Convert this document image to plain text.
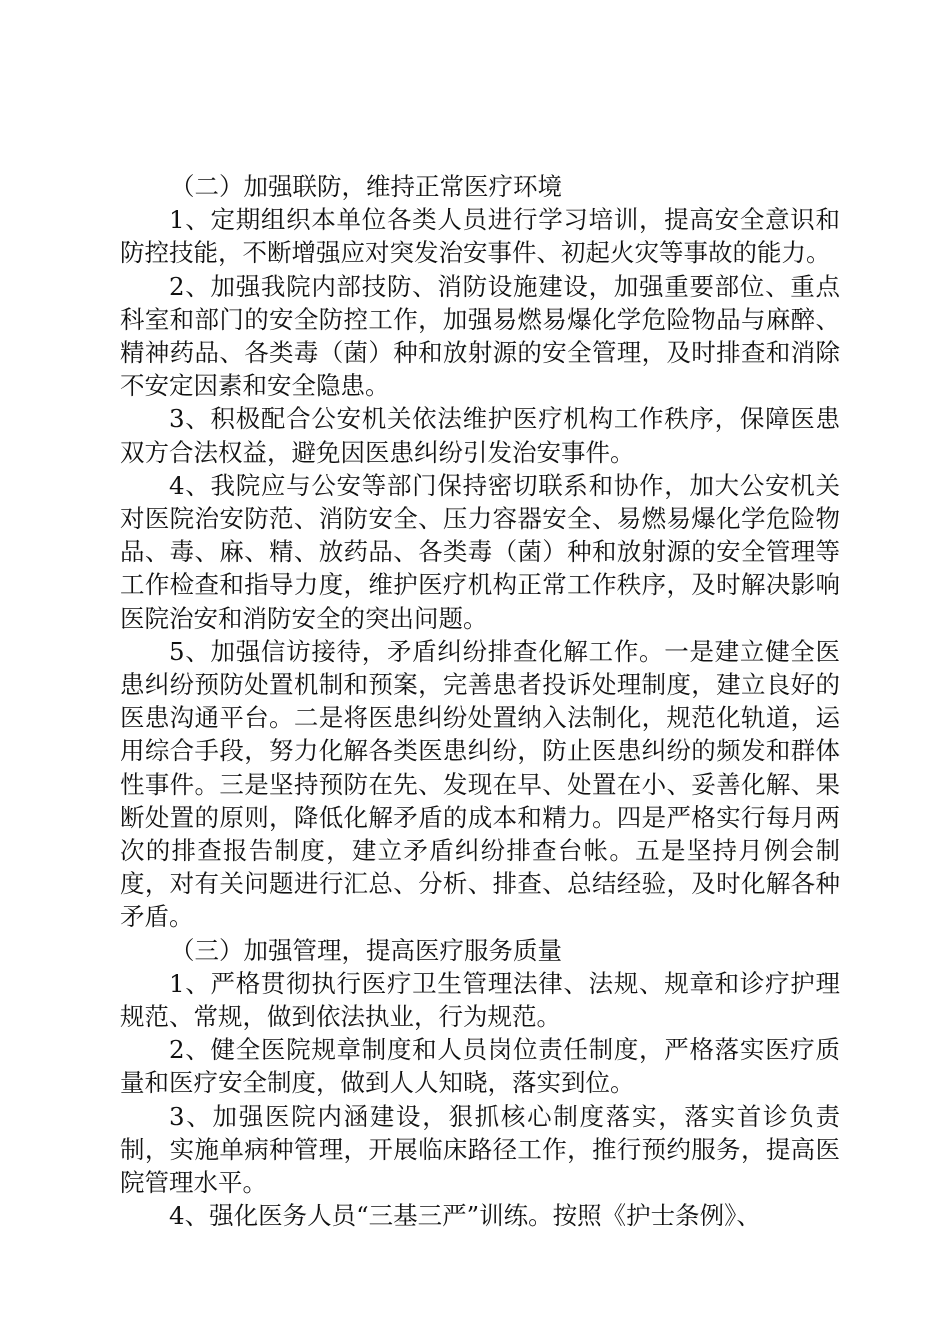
（二）加强联防，维持正常医疗环境

1、定期组织本单位各类人员进行学习培训，提高安全意识和防控技能，不断增强应对突发治安事件、初起火灾等事故的能力。

2、加强我院内部技防、消防设施建设，加强重要部位、重点科室和部门的安全防控工作，加强易燃易爆化学危险物品与麻醉、精神药品、各类毒（菌）种和放射源的安全管理，及时排查和消除不安定因素和安全隐患。

3、积极配合公安机关依法维护医疗机构工作秩序，保障医患双方合法权益，避免因医患纠纷引发治安事件。

4、我院应与公安等部门保持密切联系和协作，加大公安机关对医院治安防范、消防安全、压力容器安全、易燃易爆化学危险物品、毒、麻、精、放药品、各类毒（菌）种和放射源的安全管理等工作检查和指导力度，维护医疗机构正常工作秩序，及时解决影响医院治安和消防安全的突出问题。

5、加强信访接待，矛盾纠纷排查化解工作。一是建立健全医患纠纷预防处置机制和预案，完善患者投诉处理制度，建立良好的医患沟通平台。二是将医患纠纷处置纳入法制化，规范化轨道，运用综合手段，努力化解各类医患纠纷，防止医患纠纷的频发和群体性事件。三是坚持预防在先、发现在早、处置在小、妥善化解、果断处置的原则，降低化解矛盾的成本和精力。四是严格实行每月两次的排查报告制度，建立矛盾纠纷排查台帐。五是坚持月例会制度，对有关问题进行汇总、分析、排查、总结经验，及时化解各种矛盾。

（三）加强管理，提高医疗服务质量

1、严格贯彻执行医疗卫生管理法律、法规、规章和诊疗护理规范、常规，做到依法执业，行为规范。

2、健全医院规章制度和人员岗位责任制度，严格落实医疗质量和医疗安全制度，做到人人知晓，落实到位。

3、加强医院内涵建设，狠抓核心制度落实，落实首诊负责制，实施单病种管理，开展临床路径工作，推行预约服务，提高医院管理水平。

4、强化医务人员“三基三严”训练。按照《护士条例》、
